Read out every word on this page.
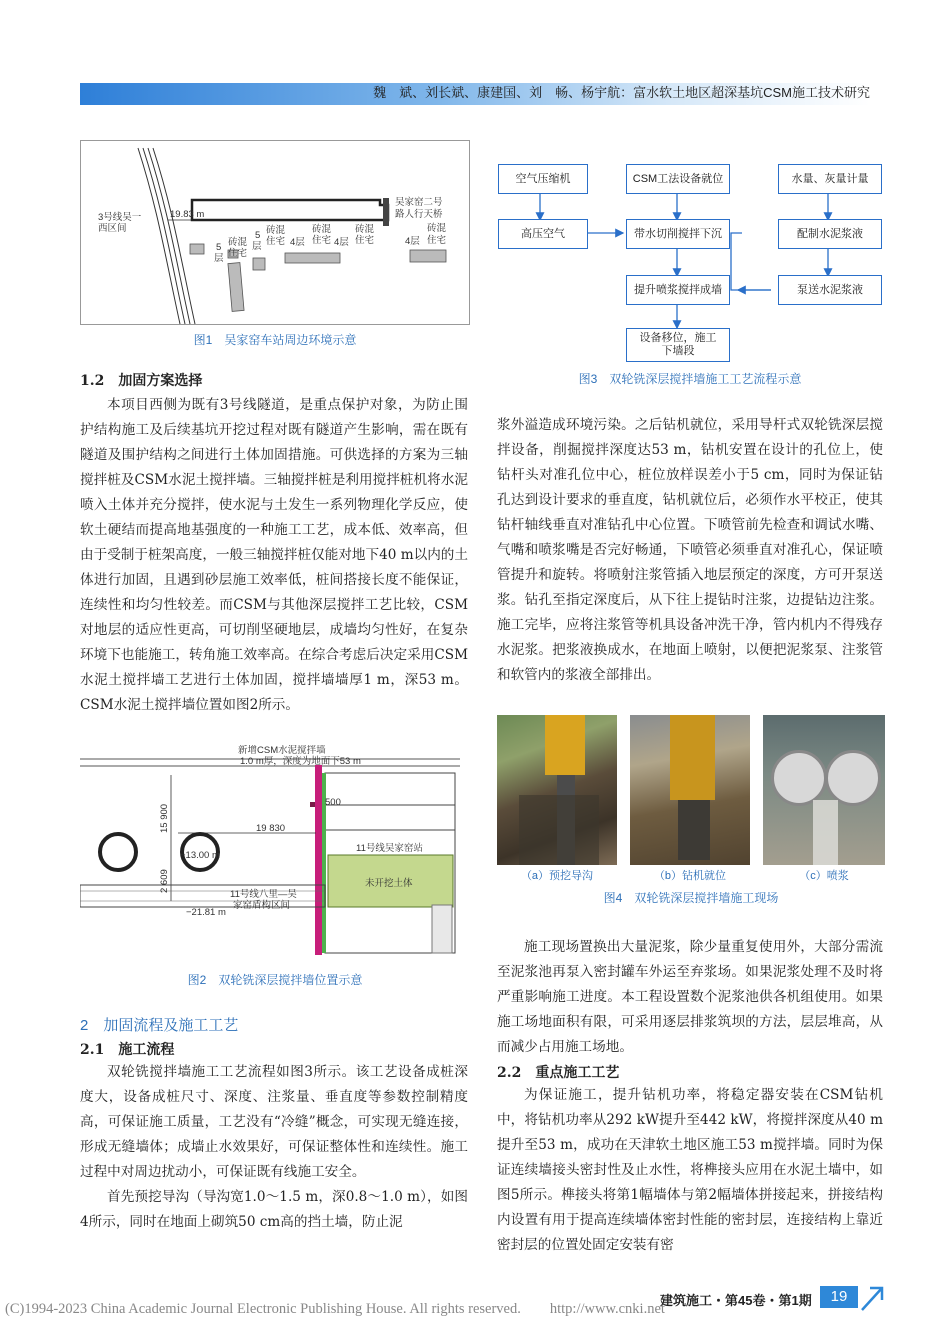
魏　斌、刘长斌、康建国、刘　畅、杨宇航：富水软土地区超深基坑CSM施工技术研究
3号线吴一 西区间 19.83 m 5 层 砖混 住宅 5 层 砖混 住宅 4层 砖混 住宅 4层 砖混 住宅 吴家窑二号 路人行天桥 4层 砖混 住宅
图1　吴家窑车站周边环境示意
1.2　加固方案选择

本项目西侧为既有3号线隧道，是重点保护对象，为防止围护结构施工及后续基坑开挖过程对既有隧道产生影响，需在既有隧道及围护结构之间进行土体加固措施。可供选择的方案为三轴搅拌桩及CSM水泥土搅拌墙。三轴搅拌桩是利用搅拌桩机将水泥喷入土体并充分搅拌，使水泥与土发生一系列物理化学反应，使软土硬结而提高地基强度的一种施工工艺，成本低、效率高，但由于受制于桩架高度，一般三轴搅拌桩仅能对地下40 m以内的土体进行加固，且遇到砂层施工效率低，桩间搭接长度不能保证，连续性和均匀性较差。而CSM与其他深层搅拌工艺比较，CSM对地层的适应性更高，可切削坚硬地层，成墙均匀性好，在复杂环境下也能施工，转角施工效率高。在综合考虑后决定采用CSM水泥土搅拌墙工艺进行土体加固，搅拌墙墙厚1 m，深53 m。CSM水泥土搅拌墙位置如图2所示。

新增CSM水泥搅拌墙 1.0 m厚，深度为地面下53 m 500 19 830 −13.00 m −21.81 m 11号线吴家窑站 未开挖土体 11号线八里—吴 家窑盾构区间
15 900
2 609
图2　双轮铣深层搅拌墙位置示意
2　加固流程及施工工艺
2.1　施工流程

双轮铣搅拌墙施工工艺流程如图3所示。该工艺设备成桩深度大，设备成桩尺寸、深度、注浆量、垂直度等参数控制精度高，可保证施工质量，工艺没有“冷缝”概念，可实现无缝连接，形成无缝墙体；成墙止水效果好，可保证整体性和连续性。施工过程中对周边扰动小，可保证既有线施工安全。

首先预挖导沟（导沟宽1.0～1.5 m，深0.8～1.0 m），如图4所示，同时在地面上砌筑50 cm高的挡土墙，防止泥

空气压缩机	CSM工法设备就位	水量、灰量计量
高压空气	带水切削搅拌下沉	配制水泥浆液
提升喷浆搅拌成墙	泵送水泥浆液
设备移位，施工
下墙段
图3　双轮铣深层搅拌墙施工工艺流程示意

浆外溢造成环境污染。之后钻机就位，采用导杆式双轮铣深层搅拌设备，削掘搅拌深度达53 m，钻机安置在设计的孔位上，使钻杆头对准孔位中心，桩位放样误差小于5 cm，同时为保证钻孔达到设计要求的垂直度，钻机就位后，必须作水平校正，使其钻杆轴线垂直对准钻孔中心位置。下喷管前先检查和调试水嘴、气嘴和喷浆嘴是否完好畅通，下喷管必须垂直对准孔心，保证喷管提升和旋转。将喷射注浆管插入地层预定的深度，方可开泵送浆。钻孔至指定深度后，从下往上提钻时注浆，边提钻边注浆。施工完毕，应将注浆管等机具设备冲洗干净，管内机内不得残存水泥浆。把浆液换成水，在地面上喷射，以便把泥浆泵、注浆管和软管内的浆液全部排出。

（a）预挖导沟	（b）钻机就位	（c）喷浆
图4　双轮铣深层搅拌墙施工现场

施工现场置换出大量泥浆，除少量重复使用外，大部分需流至泥浆池再泵入密封罐车外运至弃浆场。如果泥浆处理不及时将严重影响施工进度。本工程设置数个泥浆池供各机组使用。如果施工场地面积有限，可采用逐层排浆筑坝的方法，层层堆高，从而减少占用施工场地。

2.2　重点施工工艺

为保证施工，提升钻机功率，将稳定器安装在CSM钻机中，将钻机功率从292 kW提升至442 kW，将搅拌深度从40 m提升至53 m，成功在天津软土地区施工53 m搅拌墙。同时为保证连续墙接头密封性及止水性，将榫接头应用在水泥土墙中，如图5所示。榫接头将第1幅墙体与第2幅墙体拼接起来，拼接结构内设置有用于提高连续墙体密封性能的密封层，连接结构上靠近密封层的位置处固定安装有密

建筑施工・第45卷・第1期	19
(C)1994-2023 China Academic Journal Electronic Publishing House. All rights reserved.　　http://www.cnki.net
